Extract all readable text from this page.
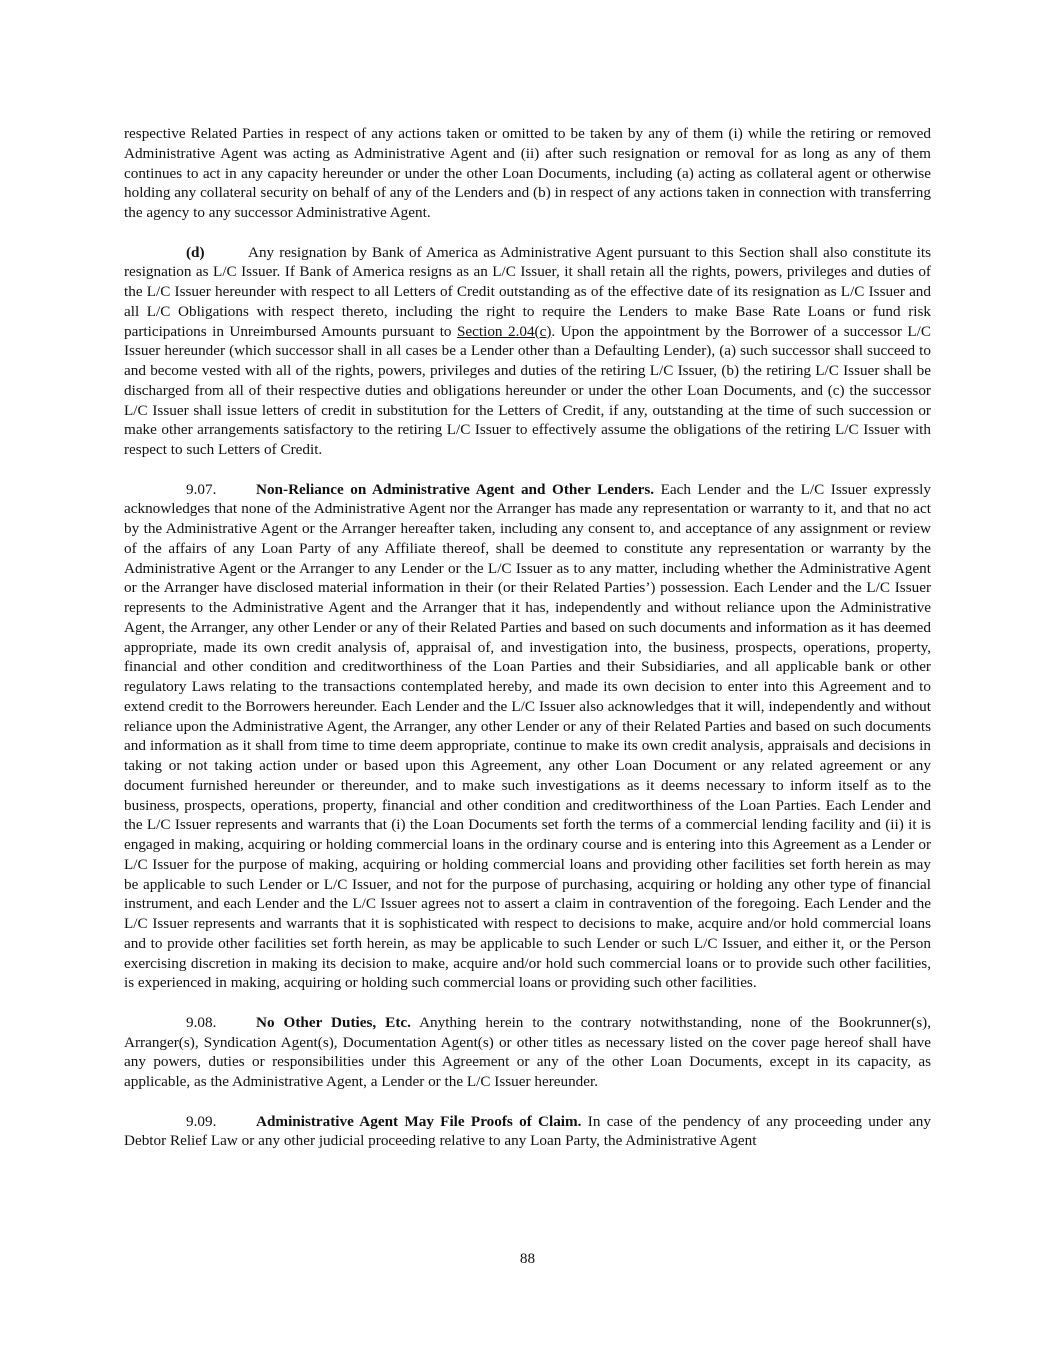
respective Related Parties in respect of any actions taken or omitted to be taken by any of them (i) while the retiring or removed Administrative Agent was acting as Administrative Agent and (ii) after such resignation or removal for as long as any of them continues to act in any capacity hereunder or under the other Loan Documents, including (a) acting as collateral agent or otherwise holding any collateral security on behalf of any of the Lenders and (b) in respect of any actions taken in connection with transferring the agency to any successor Administrative Agent.

(d)	Any resignation by Bank of America as Administrative Agent pursuant to this Section shall also constitute its resignation as L/C Issuer. If Bank of America resigns as an L/C Issuer, it shall retain all the rights, powers, privileges and duties of the L/C Issuer hereunder with respect to all Letters of Credit outstanding as of the effective date of its resignation as L/C Issuer and all L/C Obligations with respect thereto, including the right to require the Lenders to make Base Rate Loans or fund risk participations in Unreimbursed Amounts pursuant to Section 2.04(c). Upon the appointment by the Borrower of a successor L/C Issuer hereunder (which successor shall in all cases be a Lender other than a Defaulting Lender), (a) such successor shall succeed to and become vested with all of the rights, powers, privileges and duties of the retiring L/C Issuer, (b) the retiring L/C Issuer shall be discharged from all of their respective duties and obligations hereunder or under the other Loan Documents, and (c) the successor L/C Issuer shall issue letters of credit in substitution for the Letters of Credit, if any, outstanding at the time of such succession or make other arrangements satisfactory to the retiring L/C Issuer to effectively assume the obligations of the retiring L/C Issuer with respect to such Letters of Credit.

9.07.	Non-Reliance on Administrative Agent and Other Lenders. Each Lender and the L/C Issuer expressly acknowledges that none of the Administrative Agent nor the Arranger has made any representation or warranty to it, and that no act by the Administrative Agent or the Arranger hereafter taken, including any consent to, and acceptance of any assignment or review of the affairs of any Loan Party of any Affiliate thereof, shall be deemed to constitute any representation or warranty by the Administrative Agent or the Arranger to any Lender or the L/C Issuer as to any matter, including whether the Administrative Agent or the Arranger have disclosed material information in their (or their Related Parties’) possession. Each Lender and the L/C Issuer represents to the Administrative Agent and the Arranger that it has, independently and without reliance upon the Administrative Agent, the Arranger, any other Lender or any of their Related Parties and based on such documents and information as it has deemed appropriate, made its own credit analysis of, appraisal of, and investigation into, the business, prospects, operations, property, financial and other condition and creditworthiness of the Loan Parties and their Subsidiaries, and all applicable bank or other regulatory Laws relating to the transactions contemplated hereby, and made its own decision to enter into this Agreement and to extend credit to the Borrowers hereunder. Each Lender and the L/C Issuer also acknowledges that it will, independently and without reliance upon the Administrative Agent, the Arranger, any other Lender or any of their Related Parties and based on such documents and information as it shall from time to time deem appropriate, continue to make its own credit analysis, appraisals and decisions in taking or not taking action under or based upon this Agreement, any other Loan Document or any related agreement or any document furnished hereunder or thereunder, and to make such investigations as it deems necessary to inform itself as to the business, prospects, operations, property, financial and other condition and creditworthiness of the Loan Parties. Each Lender and the L/C Issuer represents and warrants that (i) the Loan Documents set forth the terms of a commercial lending facility and (ii) it is engaged in making, acquiring or holding commercial loans in the ordinary course and is entering into this Agreement as a Lender or L/C Issuer for the purpose of making, acquiring or holding commercial loans and providing other facilities set forth herein as may be applicable to such Lender or L/C Issuer, and not for the purpose of purchasing, acquiring or holding any other type of financial instrument, and each Lender and the L/C Issuer agrees not to assert a claim in contravention of the foregoing. Each Lender and the L/C Issuer represents and warrants that it is sophisticated with respect to decisions to make, acquire and/or hold commercial loans and to provide other facilities set forth herein, as may be applicable to such Lender or such L/C Issuer, and either it, or the Person exercising discretion in making its decision to make, acquire and/or hold such commercial loans or to provide such other facilities, is experienced in making, acquiring or holding such commercial loans or providing such other facilities.

9.08.	No Other Duties, Etc. Anything herein to the contrary notwithstanding, none of the Bookrunner(s), Arranger(s), Syndication Agent(s), Documentation Agent(s) or other titles as necessary listed on the cover page hereof shall have any powers, duties or responsibilities under this Agreement or any of the other Loan Documents, except in its capacity, as applicable, as the Administrative Agent, a Lender or the L/C Issuer hereunder.

9.09.	Administrative Agent May File Proofs of Claim. In case of the pendency of any proceeding under any Debtor Relief Law or any other judicial proceeding relative to any Loan Party, the Administrative Agent

88
